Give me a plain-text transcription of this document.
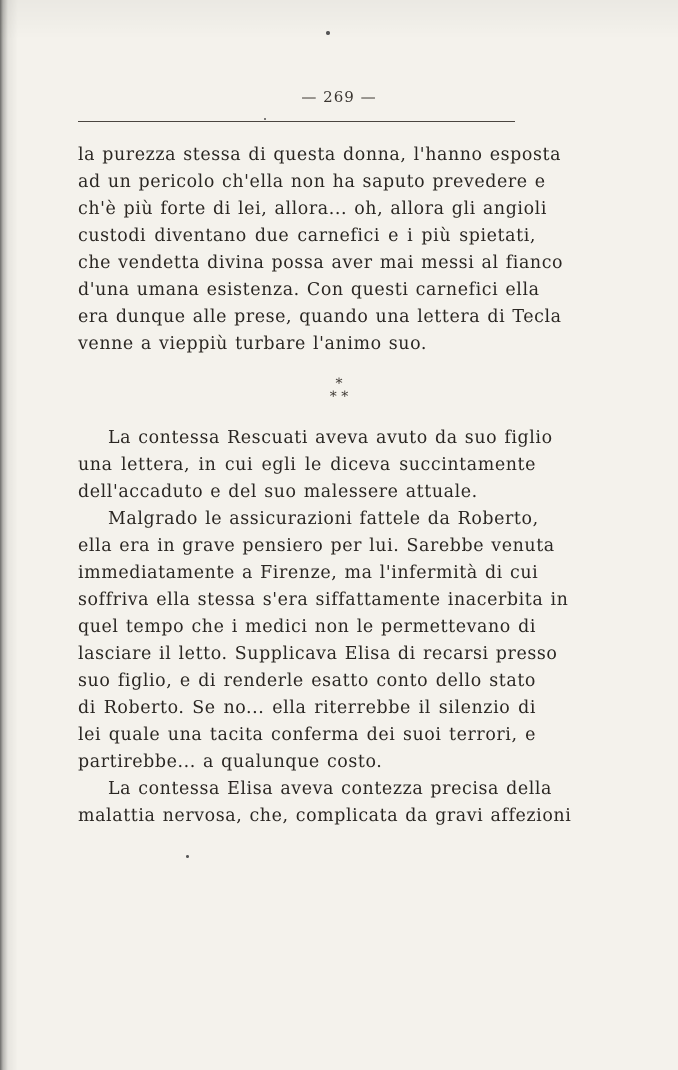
— 269 —
la purezza stessa di questa donna, l'hanno esposta
ad un pericolo ch'ella non ha saputo prevedere e
ch'è più forte di lei, allora... oh, allora gli angioli
custodi diventano due carnefici e i più spietati,
che vendetta divina possa aver mai messi al fianco
d'una umana esistenza. Con questi carnefici ella
era dunque alle prese, quando una lettera di Tecla
venne a vieppiù turbare l'animo suo.
*
* *
La contessa Rescuati aveva avuto da suo figlio
una lettera, in cui egli le diceva succintamente
dell'accaduto e del suo malessere attuale.
Malgrado le assicurazioni fattele da Roberto,
ella era in grave pensiero per lui. Sarebbe venuta
immediatamente a Firenze, ma l'infermità di cui
soffriva ella stessa s'era siffattamente inacerbita in
quel tempo che i medici non le permettevano di
lasciare il letto. Supplicava Elisa di recarsi presso
suo figlio, e di renderle esatto conto dello stato
di Roberto. Se no... ella riterrebbe il silenzio di
lei quale una tacita conferma dei suoi terrori, e
partirebbe... a qualunque costo.
La contessa Elisa aveva contezza precisa della
malattia nervosa, che, complicata da gravi affezioni
